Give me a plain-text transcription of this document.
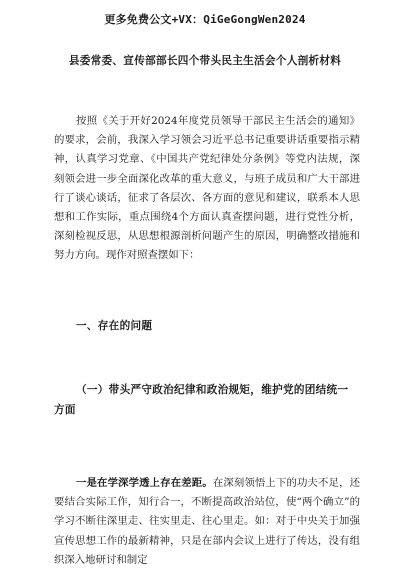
更多免费公文+VX：QiGeGongWen2024
县委常委、宣传部部长四个带头民主生活会个人剖析材料
按照《关于开好2024年度党员领导干部民主生活会的通知》的要求，会前，我深入学习领会习近平总书记重要讲话重要指示精神，认真学习党章、《中国共产党纪律处分条例》等党内法规，深刻领会进一步全面深化改革的重大意义，与班子成员和广大干部进行了谈心谈话，征求了各层次、各方面的意见和建议，联系本人思想和工作实际，重点围绕4个方面认真查摆问题，进行党性分析，深刻检视反思，从思想根源剖析问题产生的原因，明确整改措施和努力方向。现作对照查摆如下：
一、存在的问题
（一）带头严守政治纪律和政治规矩，维护党的团结统一方面
一是在学深学透上存在差距。在深刻领悟上下的功夫不足，还要结合实际工作，知行合一，不断提高政治站位，使“两个确立”的学习不断往深里走、往实里走、往心里走。如：对于中央关于加强宣传思想工作的最新精神，只是在部内会议上进行了传达，没有组织深入地研讨和制定
